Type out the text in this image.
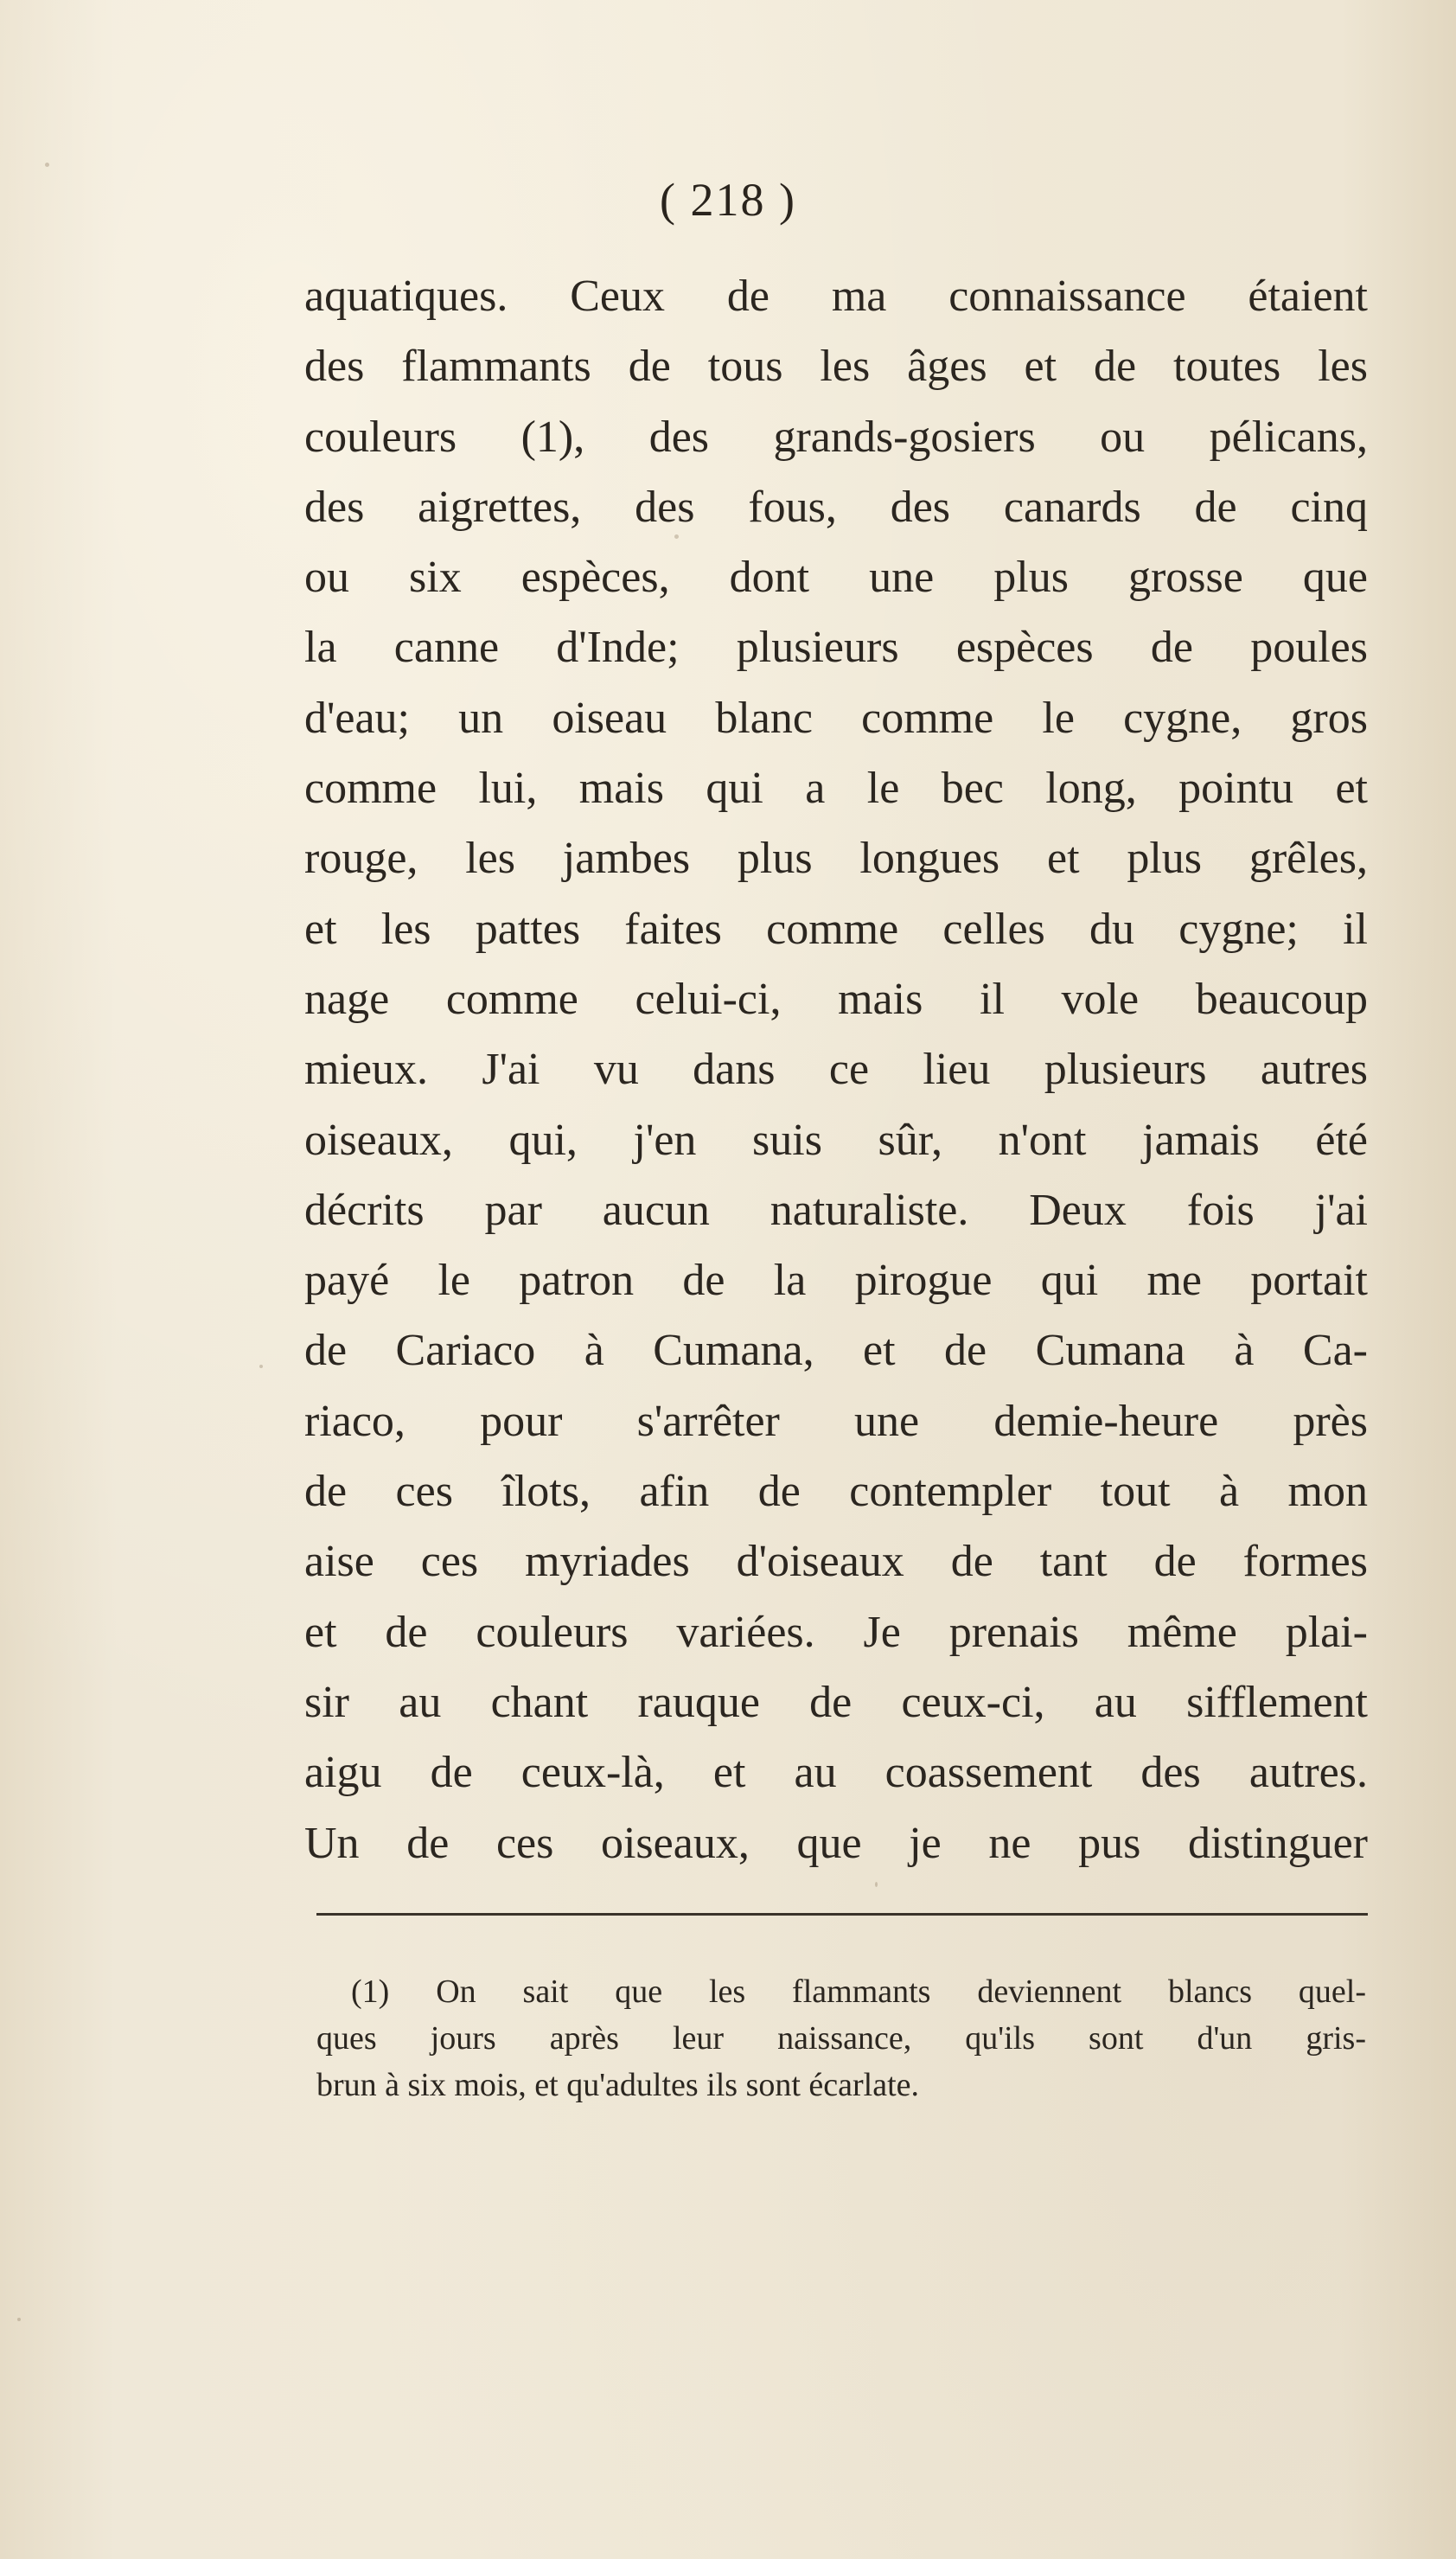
( 218 )
aquatiques. Ceux de ma connaissance étaient
des flammants de tous les âges et de toutes les
couleurs (1), des grands-gosiers ou pélicans,
des aigrettes, des fous, des canards de cinq
ou six espèces, dont une plus grosse que
la canne d'Inde; plusieurs espèces de poules
d'eau; un oiseau blanc comme le cygne, gros
comme lui, mais qui a le bec long, pointu et
rouge, les jambes plus longues et plus grêles,
et les pattes faites comme celles du cygne; il
nage comme celui-ci, mais il vole beaucoup
mieux. J'ai vu dans ce lieu plusieurs autres
oiseaux, qui, j'en suis sûr, n'ont jamais été
décrits par aucun naturaliste. Deux fois j'ai
payé le patron de la pirogue qui me portait
de Cariaco à Cumana, et de Cumana à Ca-
riaco, pour s'arrêter une demie-heure près
de ces îlots, afin de contempler tout à mon
aise ces myriades d'oiseaux de tant de formes
et de couleurs variées. Je prenais même plai-
sir au chant rauque de ceux-ci, au sifflement
aigu de ceux-là, et au coassement des autres.
Un de ces oiseaux, que je ne pus distinguer
(1) On sait que les flammants deviennent blancs quel-
ques jours après leur naissance, qu'ils sont d'un gris-
brun à six mois, et qu'adultes ils sont écarlate.
